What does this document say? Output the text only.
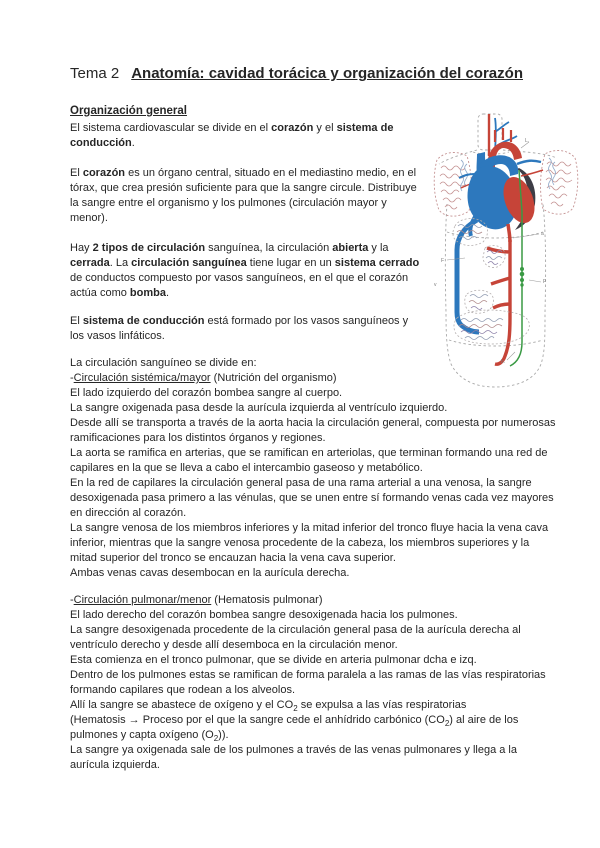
Tema 2 Anatomía: cavidad torácica y organización del corazón
Organización general

El sistema cardiovascular se divide en el corazón y el sistema de conducción.

El corazón es un órgano central, situado en el mediastino medio, en el tórax, que crea presión suficiente para que la sangre circule. Distribuye la sangre entre el organismo y los pulmones (circulación mayor y menor).

Hay 2 tipos de circulación sanguínea, la circulación abierta y la cerrada. La circulación sanguínea tiene lugar en un sistema cerrado de conductos compuesto por vasos sanguíneos, en el que el corazón actúa como bomba.

El sistema de conducción está formado por los vasos sanguíneos y los vasos linfáticos.

La circulación sanguíneo se divide en:

-Circulación sistémica/mayor (Nutrición del organismo)

El lado izquierdo del corazón bombea sangre al cuerpo.

La sangre oxigenada pasa desde la aurícula izquierda al ventrículo izquierdo.

Desde allí se transporta a través de la aorta hacia la circulación general, compuesta por numerosas ramificaciones para los distintos órganos y regiones.

La aorta se ramifica en arterias, que se ramifican en arteriolas, que terminan formando una red de capilares en la que se lleva a cabo el intercambio gaseoso y metabólico.

En la red de capilares la circulación general pasa de una rama arterial a una venosa, la sangre desoxigenada pasa primero a las vénulas, que se unen entre sí formando venas cada vez mayores en dirección al corazón.

La sangre venosa de los miembros inferiores y la mitad inferior del tronco fluye hacia la vena cava inferior, mientras que la sangre venosa procedente de la cabeza, los miembros superiores y la mitad superior del tronco se encauzan hacia la vena cava superior.

Ambas venas cavas desembocan en la aurícula derecha.

-Circulación pulmonar/menor (Hematosis pulmonar)

El lado derecho del corazón bombea sangre desoxigenada hacia los pulmones.

La sangre desoxigenada procedente de la circulación general pasa de la aurícula derecha al ventrículo derecho y desde allí desemboca en la circulación menor.

Esta comienza en el tronco pulmonar, que se divide en arteria pulmonar dcha e izq.

Dentro de los pulmones estas se ramifican de forma paralela a las ramas de las vías respiratorias formando capilares que rodean a los alveolos.

Allí la sangre se abastece de oxígeno y el $CO_2$ se expulsa a las vías respiratorias

(Hematosis → Proceso por el que la sangre cede el anhídrido carbónico $(CO_2)$ al aire de los pulmones y capta oxígeno $(O_2)$).

La sangre ya oxigenada sale de los pulmones a través de las venas pulmonares y llega a la aurícula izquierda.

L.
a
F
v	P
b.
